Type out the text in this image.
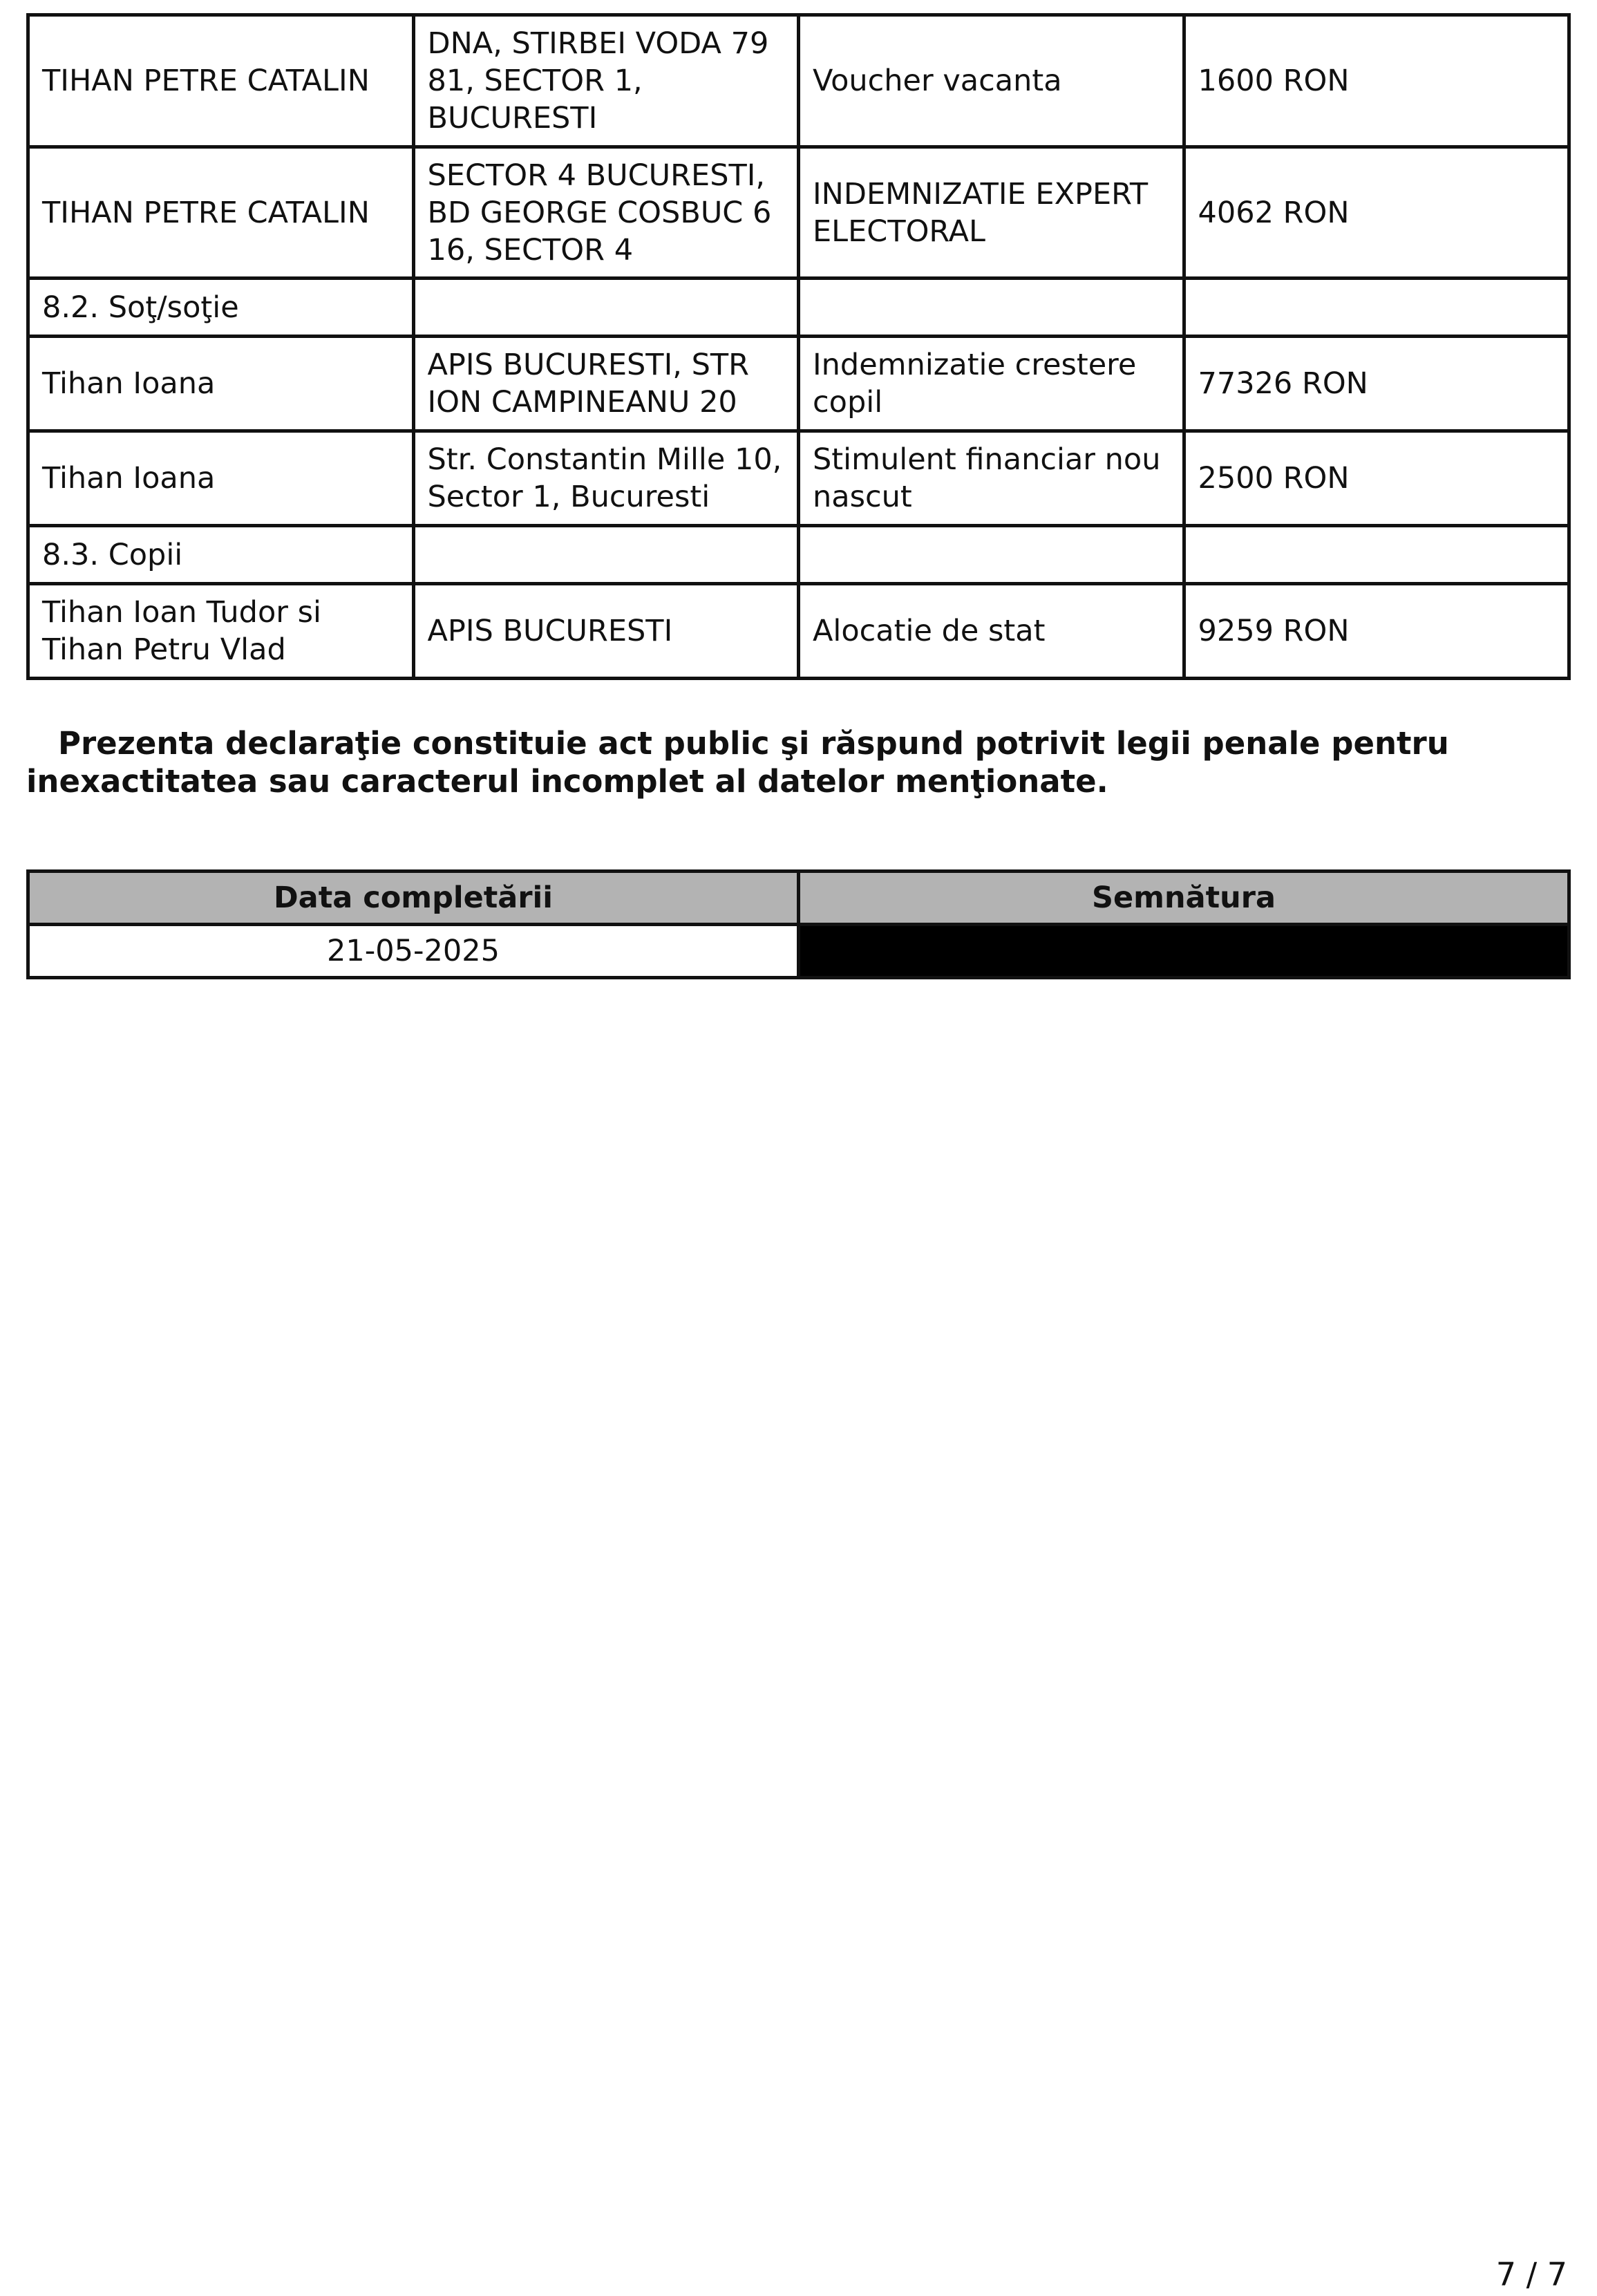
TIHAN PETRE CATALIN	DNA, STIRBEI VODA 79 81, SECTOR 1, BUCURESTI	Voucher vacanta	1600 RON
TIHAN PETRE CATALIN	SECTOR 4 BUCURESTI, BD GEORGE COSBUC 6 16, SECTOR 4	INDEMNIZATIE EXPERT ELECTORAL	4062 RON
8.2. Soţ/soţie			
Tihan Ioana	APIS BUCURESTI, STR ION CAMPINEANU 20	Indemnizatie crestere copil	77326 RON
Tihan Ioana	Str. Constantin Mille 10, Sector 1, Bucuresti	Stimulent financiar nou nascut	2500 RON
8.3. Copii			
Tihan Ioan Tudor si Tihan Petru Vlad	APIS BUCURESTI	Alocatie de stat	9259 RON

Prezenta declaraţie constituie act public şi răspund potrivit legii penale pentru inexactitatea sau caracterul incomplet al datelor menţionate.

Data completării	Semnătura
21-05-2025	
7 / 7
